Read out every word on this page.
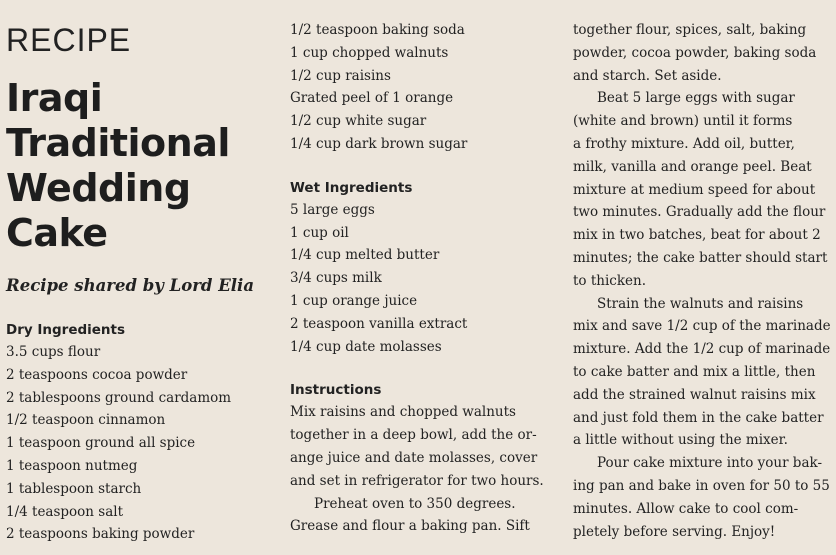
RECIPE
Iraqi
Traditional
Wedding
Cake
Recipe shared by Lord Elia
Dry Ingredients
3.5 cups flour
2 teaspoons cocoa powder
2 tablespoons ground cardamom
1/2 teaspoon cinnamon
1 teaspoon ground all spice
1 teaspoon nutmeg
1 tablespoon starch
1/4 teaspoon salt
2 teaspoons baking powder
1/2 teaspoon baking soda
1 cup chopped walnuts
1/2 cup raisins
Grated peel of 1 orange
1/2 cup white sugar
1/4 cup dark brown sugar
Wet Ingredients
5 large eggs
1 cup oil
1/4 cup melted butter
3/4 cups milk
1 cup orange juice
2 teaspoon vanilla extract
1/4 cup date molasses
Instructions

Mix raisins and chopped walnuts
together in a deep bowl, add the or-
ange juice and date molasses, cover
and set in refrigerator for two hours.

Preheat oven to 350 degrees.
Grease and flour a baking pan. Sift

together flour, spices, salt, baking
powder, cocoa powder, baking soda
and starch. Set aside.

Beat 5 large eggs with sugar
(white and brown) until it forms
a frothy mixture. Add oil, butter,
milk, vanilla and orange peel. Beat
mixture at medium speed for about
two minutes. Gradually add the flour
mix in two batches, beat for about 2
minutes; the cake batter should start
to thicken.

Strain the walnuts and raisins
mix and save 1/2 cup of the marinade
mixture. Add the 1/2 cup of marinade
to cake batter and mix a little, then
add the strained walnut raisins mix
and just fold them in the cake batter
a little without using the mixer.

Pour cake mixture into your bak-
ing pan and bake in oven for 50 to 55
minutes. Allow cake to cool com-
pletely before serving. Enjoy!
